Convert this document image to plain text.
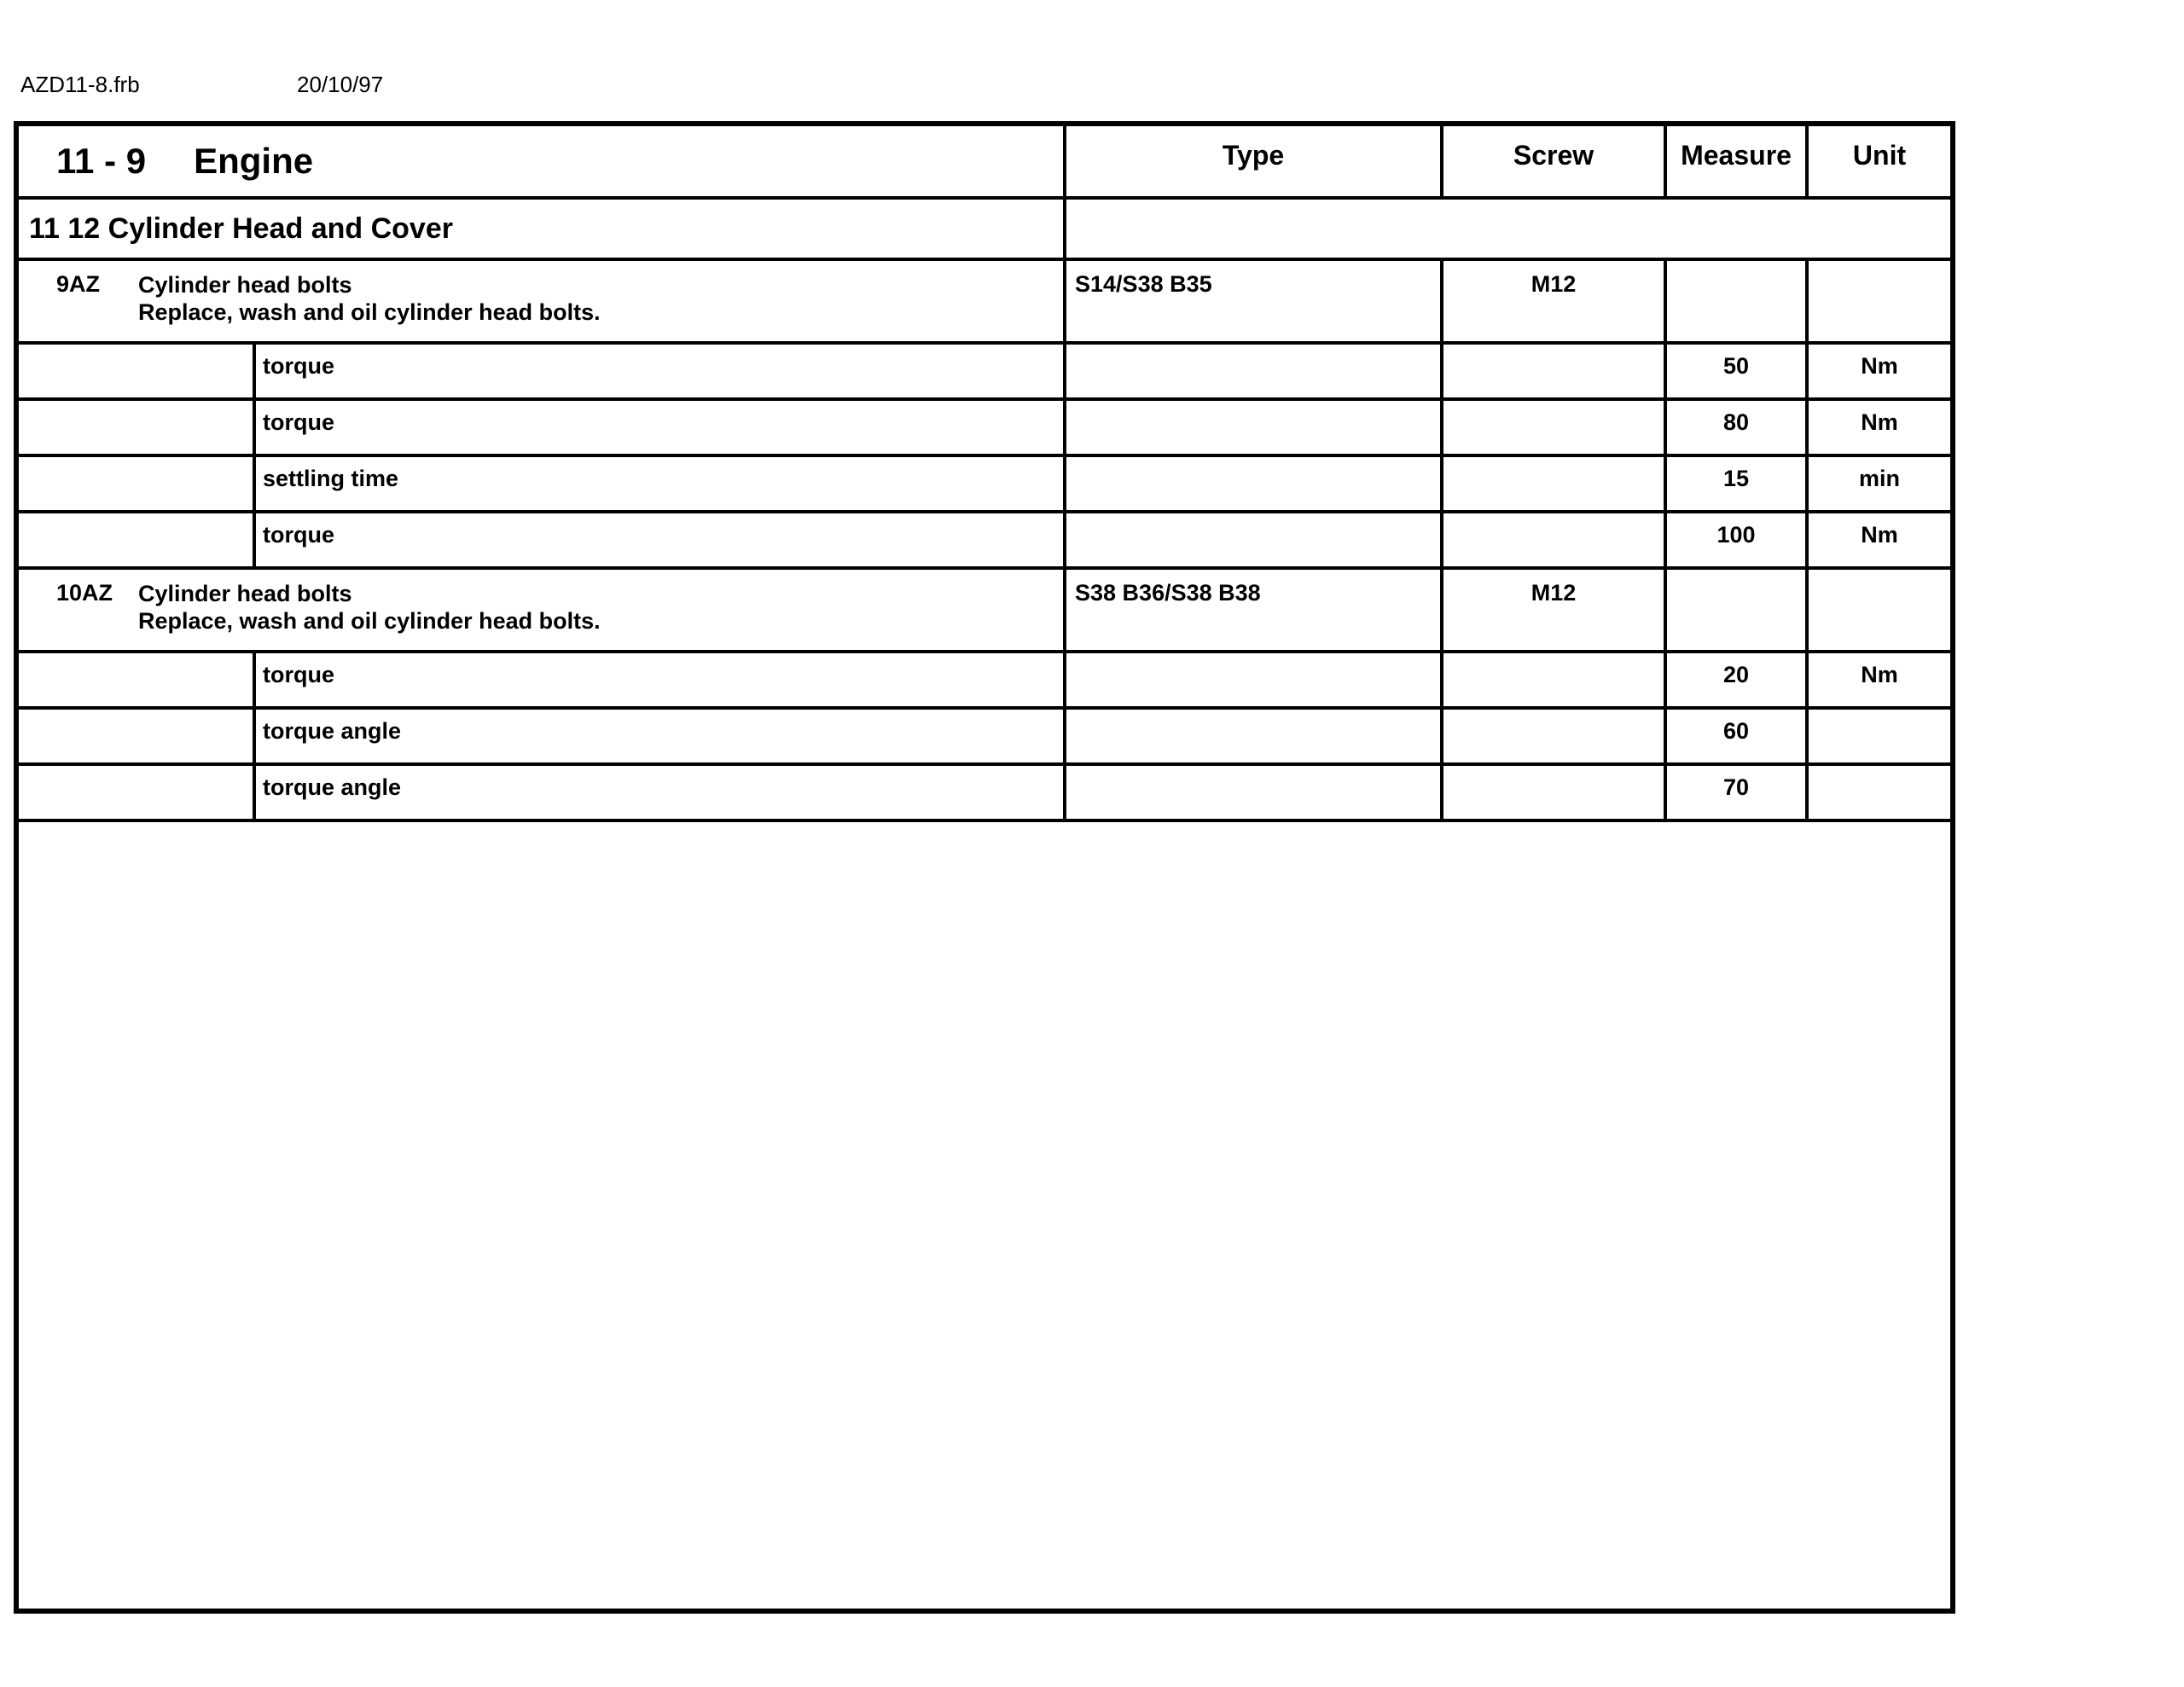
AZD11-8.frb	20/10/97
11 - 9 Engine		Type	Screw	Measure	Unit
11 12 Cylinder Head and Cover					
9AZ Cylinder head bolts
Replace, wash and oil cylinder head bolts.		S14/S38 B35	M12		
	torque			50	Nm
	torque			80	Nm
	settling time			15	min
	torque			100	Nm
10AZ Cylinder head bolts
Replace, wash and oil cylinder head bolts.		S38 B36/S38 B38	M12		
	torque			20	Nm
	torque angle			60	
	torque angle			70	
